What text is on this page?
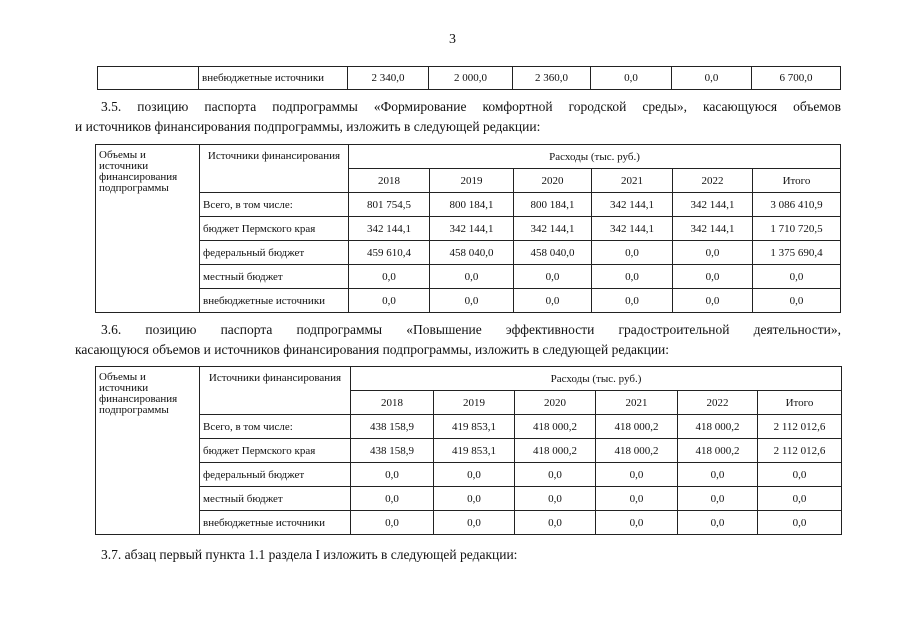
3
	внебюджетные источники	2 340,0	2 000,0	2 360,0	0,0	0,0	6 700,0
3.5. позицию паспорта подпрограммы «Формирование комфортной городской среды», касающуюся объемов
и источников финансирования подпрограммы, изложить в следующей редакции:
Объемы и источники финансирования подпрограммы	Источники финансирования	Расходы (тыс. руб.)					
		2018	2019	2020	2021	2022	Итого
	Всего, в том числе:	801 754,5	800 184,1	800 184,1	342 144,1	342 144,1	3 086 410,9
	бюджет Пермского края	342 144,1	342 144,1	342 144,1	342 144,1	342 144,1	1 710 720,5
	федеральный бюджет	459 610,4	458 040,0	458 040,0	0,0	0,0	1 375 690,4
	местный бюджет	0,0	0,0	0,0	0,0	0,0	0,0
	внебюджетные источники	0,0	0,0	0,0	0,0	0,0	0,0
3.6. позицию паспорта подпрограммы «Повышение эффективности градостроительной деятельности»,
касающуюся объемов и источников финансирования подпрограммы, изложить в следующей редакции:
Объемы и источники финансирования подпрограммы	Источники финансирования	Расходы (тыс. руб.)					
		2018	2019	2020	2021	2022	Итого
	Всего, в том числе:	438 158,9	419 853,1	418 000,2	418 000,2	418 000,2	2 112 012,6
	бюджет Пермского края	438 158,9	419 853,1	418 000,2	418 000,2	418 000,2	2 112 012,6
	федеральный бюджет	0,0	0,0	0,0	0,0	0,0	0,0
	местный бюджет	0,0	0,0	0,0	0,0	0,0	0,0
	внебюджетные источники	0,0	0,0	0,0	0,0	0,0	0,0
3.7. абзац первый пункта 1.1 раздела I изложить в следующей редакции:
